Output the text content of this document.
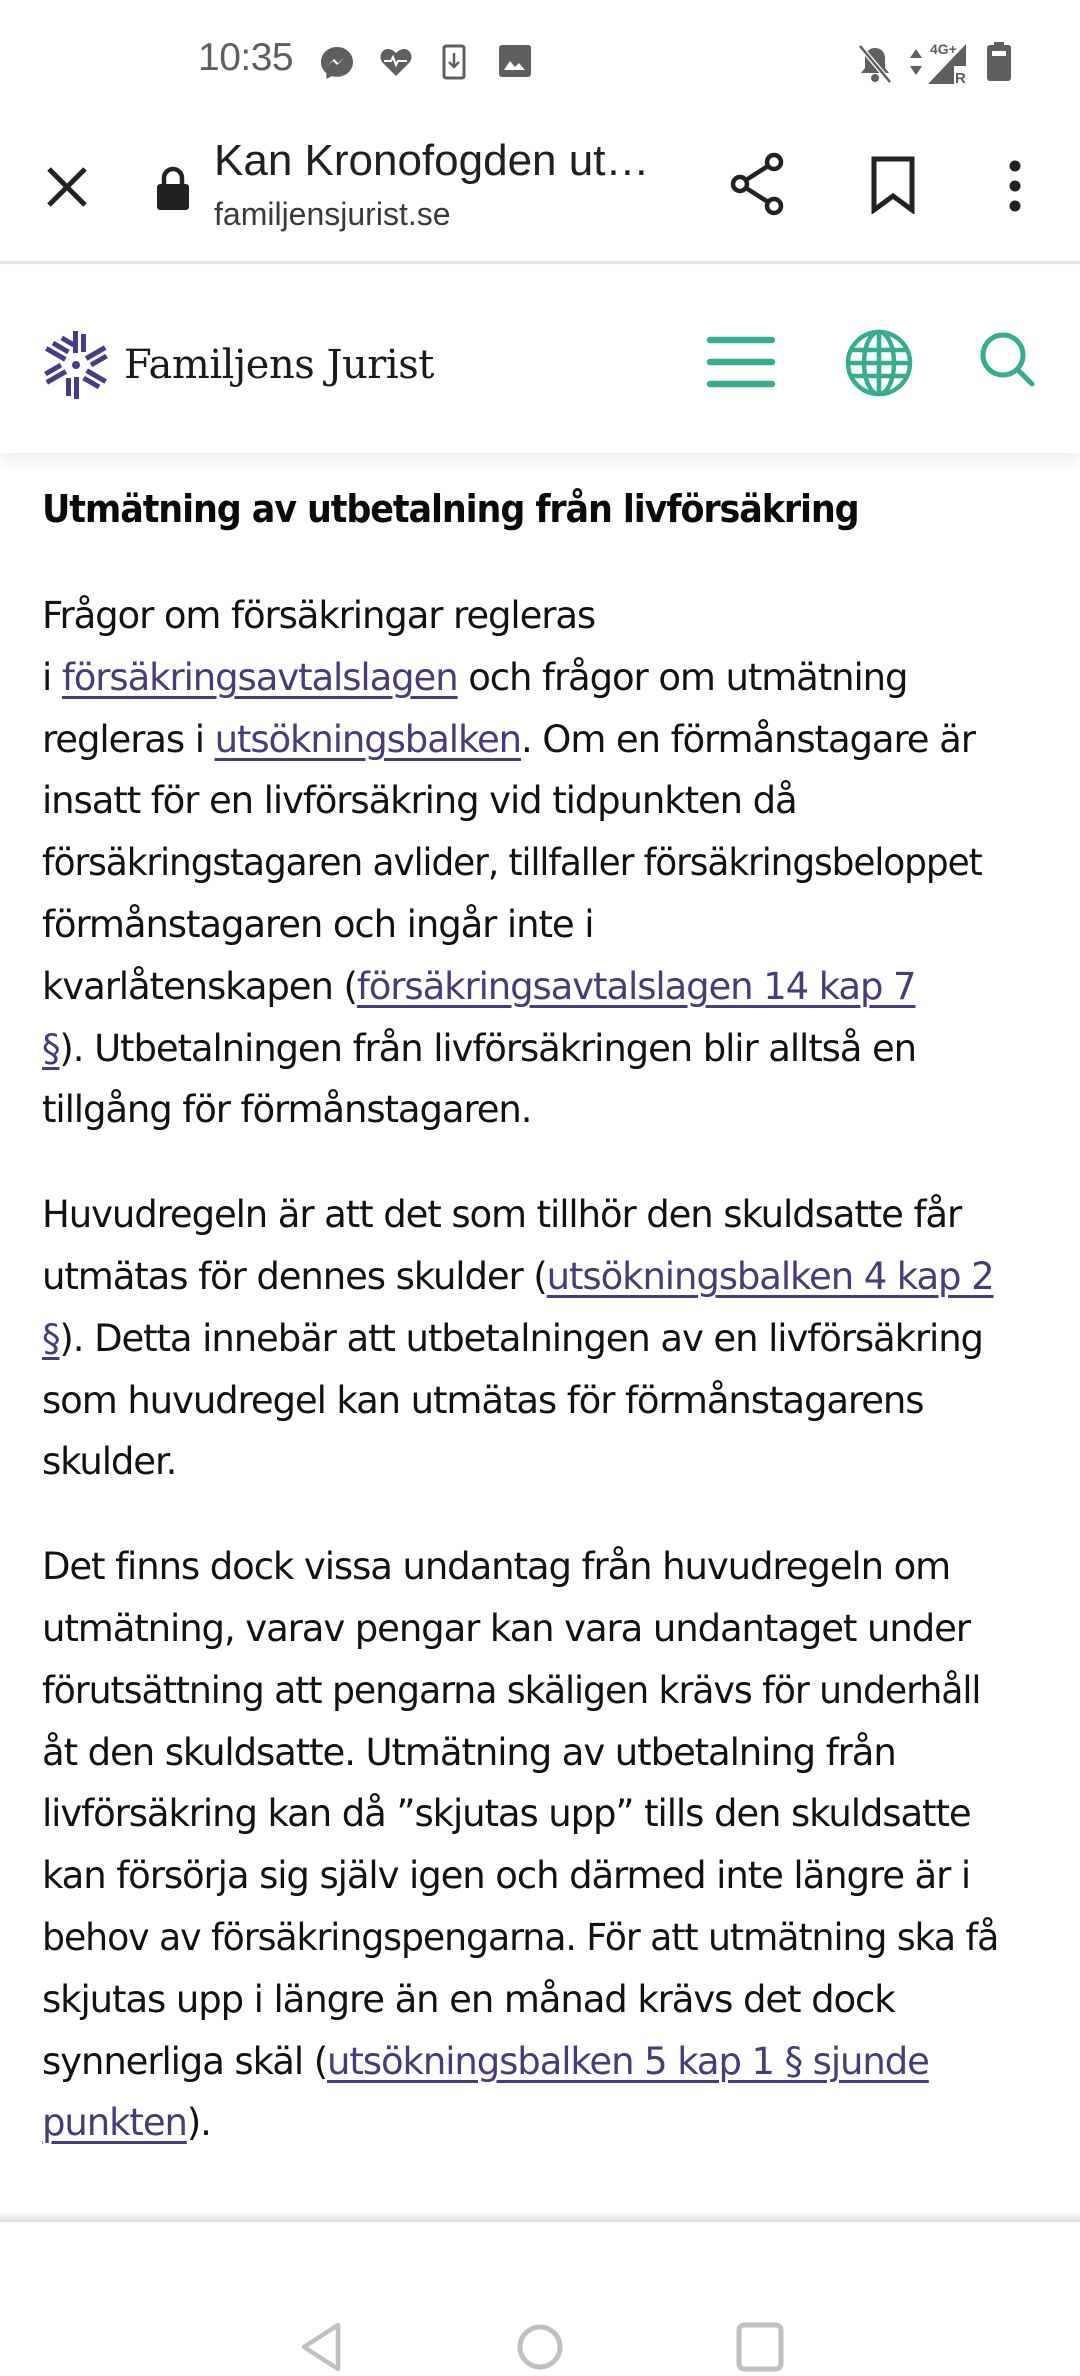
10:35	4G+
R
Kan Kronofogden ut…
familjensjurist.se
Familjens Jurist
Utmätning av utbetalning från livförsäkring

Frågor om försäkringar regleras
i försäkringsavtalslagen och frågor om utmätning
regleras i utsökningsbalken. Om en förmånstagare är
insatt för en livförsäkring vid tidpunkten då
försäkringstagaren avlider, tillfaller försäkringsbeloppet
förmånstagaren och ingår inte i
kvarlåtenskapen (försäkringsavtalslagen 14 kap 7
§). Utbetalningen från livförsäkringen blir alltså en
tillgång för förmånstagaren.

Huvudregeln är att det som tillhör den skuldsatte får
utmätas för dennes skulder (utsökningsbalken 4 kap 2
§). Detta innebär att utbetalningen av en livförsäkring
som huvudregel kan utmätas för förmånstagarens
skulder.

Det finns dock vissa undantag från huvudregeln om
utmätning, varav pengar kan vara undantaget under
förutsättning att pengarna skäligen krävs för underhåll
åt den skuldsatte. Utmätning av utbetalning från
livförsäkring kan då ”skjutas upp” tills den skuldsatte
kan försörja sig själv igen och därmed inte längre är i
behov av försäkringspengarna. För att utmätning ska få
skjutas upp i längre än en månad krävs det dock
synnerliga skäl (utsökningsbalken 5 kap 1 § sjunde
punkten).
